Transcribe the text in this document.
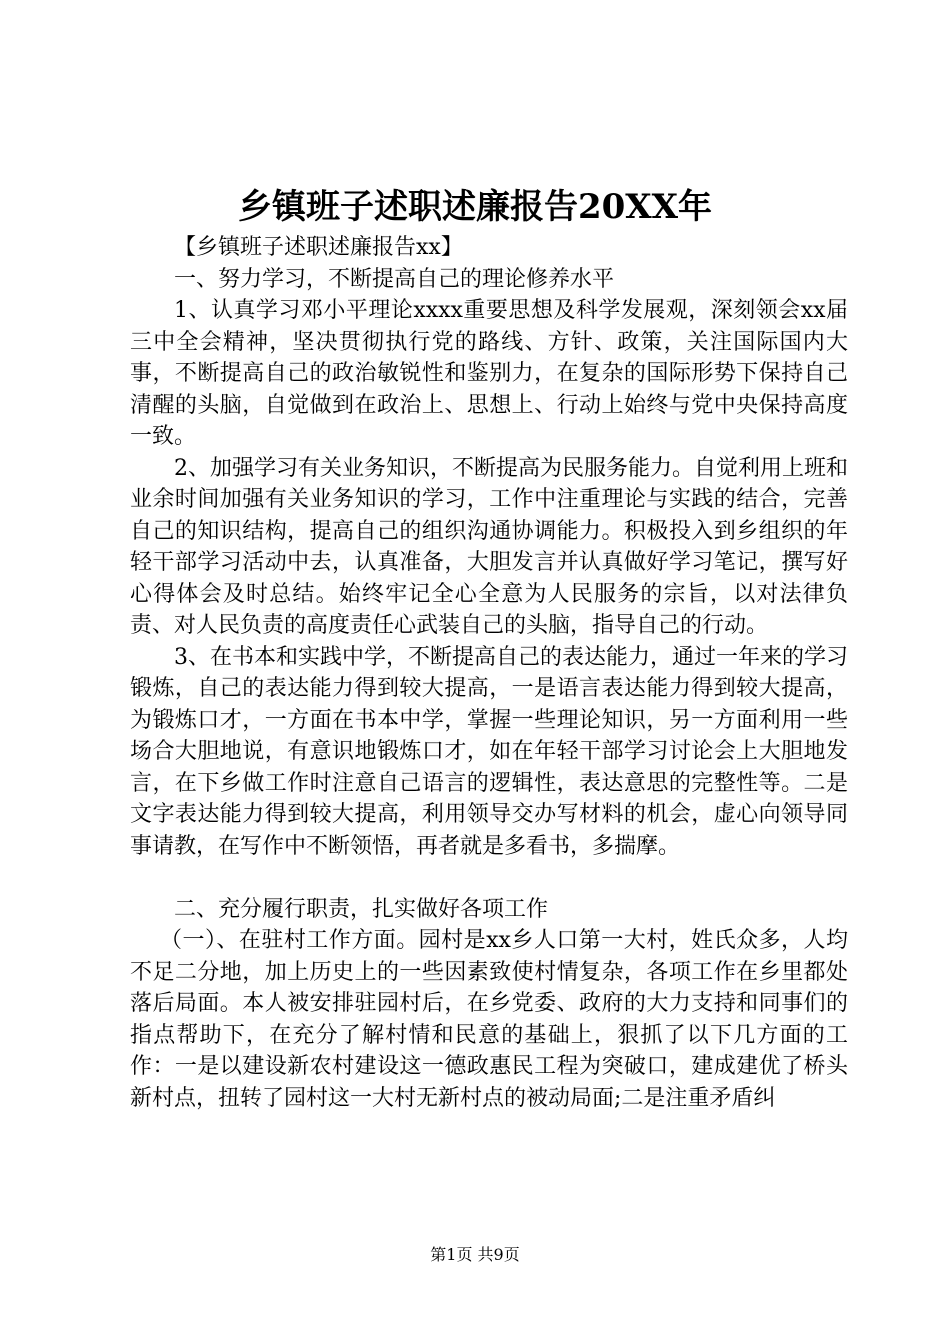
乡镇班子述职述廉报告20XX年

【乡镇班子述职述廉报告xx】

一、努力学习，不断提高自己的理论修养水平

1、认真学习邓小平理论xxxx重要思想及科学发展观，深刻领会xx届三中全会精神，坚决贯彻执行党的路线、方针、政策，关注国际国内大事，不断提高自己的政治敏锐性和鉴别力，在复杂的国际形势下保持自己清醒的头脑，自觉做到在政治上、思想上、行动上始终与党中央保持高度一致。

2、加强学习有关业务知识，不断提高为民服务能力。自觉利用上班和业余时间加强有关业务知识的学习，工作中注重理论与实践的结合，完善自己的知识结构，提高自己的组织沟通协调能力。积极投入到乡组织的年轻干部学习活动中去，认真准备，大胆发言并认真做好学习笔记，撰写好心得体会及时总结。始终牢记全心全意为人民服务的宗旨，以对法律负责、对人民负责的高度责任心武装自己的头脑，指导自己的行动。

3、在书本和实践中学，不断提高自己的表达能力，通过一年来的学习锻炼，自己的表达能力得到较大提高，一是语言表达能力得到较大提高，为锻炼口才，一方面在书本中学，掌握一些理论知识，另一方面利用一些场合大胆地说，有意识地锻炼口才，如在年轻干部学习讨论会上大胆地发言，在下乡做工作时注意自己语言的逻辑性，表达意思的完整性等。二是文字表达能力得到较大提高，利用领导交办写材料的机会，虚心向领导同事请教，在写作中不断领悟，再者就是多看书，多揣摩。

二、充分履行职责，扎实做好各项工作

（一）、在驻村工作方面。园村是xx乡人口第一大村，姓氏众多，人均不足二分地，加上历史上的一些因素致使村情复杂，各项工作在乡里都处落后局面。本人被安排驻园村后，在乡党委、政府的大力支持和同事们的指点帮助下，在充分了解村情和民意的基础上，狠抓了以下几方面的工作：一是以建设新农村建设这一德政惠民工程为突破口，建成建优了桥头新村点，扭转了园村这一大村无新村点的被动局面;二是注重矛盾纠

第1页 共9页
